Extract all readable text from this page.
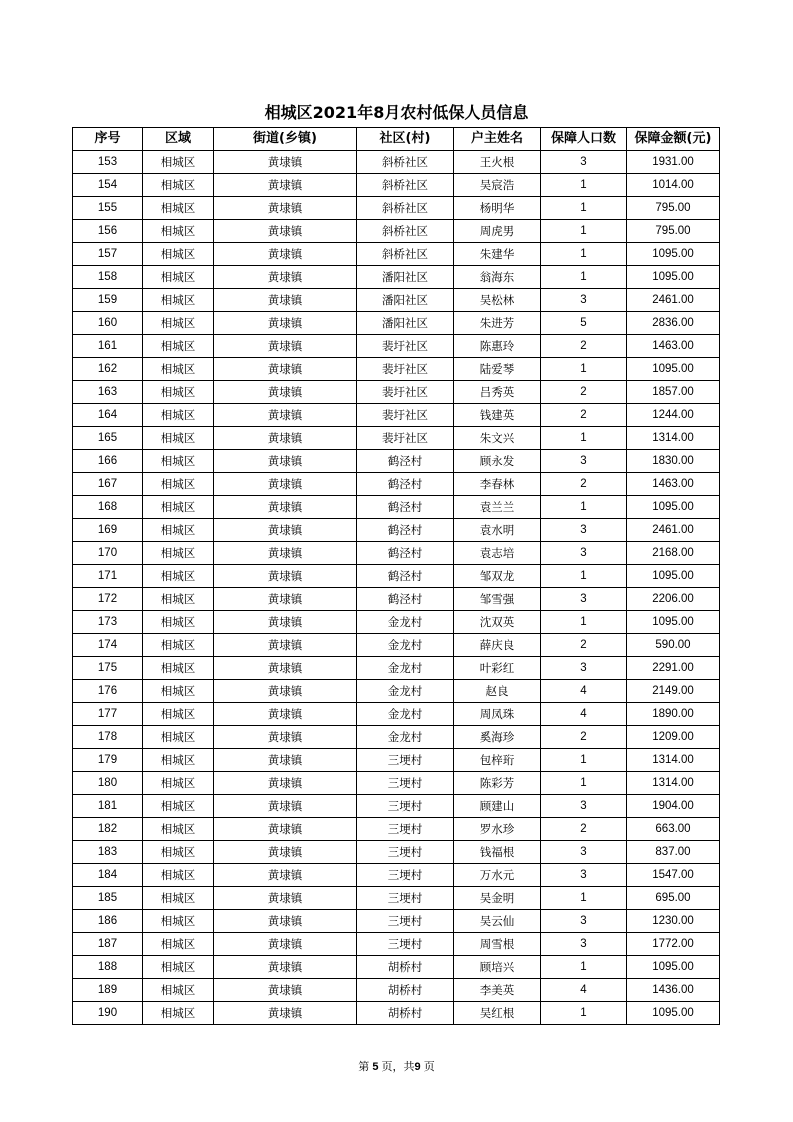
相城区2021年8月农村低保人员信息
序号	区域	街道(乡镇)	社区(村)	户主姓名	保障人口数	保障金额(元)
153	相城区	黄埭镇	斜桥社区	王火根	3	1931.00
154	相城区	黄埭镇	斜桥社区	吴宸浩	1	1014.00
155	相城区	黄埭镇	斜桥社区	杨明华	1	795.00
156	相城区	黄埭镇	斜桥社区	周虎男	1	795.00
157	相城区	黄埭镇	斜桥社区	朱建华	1	1095.00
158	相城区	黄埭镇	潘阳社区	翁海东	1	1095.00
159	相城区	黄埭镇	潘阳社区	吴松林	3	2461.00
160	相城区	黄埭镇	潘阳社区	朱进芳	5	2836.00
161	相城区	黄埭镇	裴圩社区	陈惠玲	2	1463.00
162	相城区	黄埭镇	裴圩社区	陆爱琴	1	1095.00
163	相城区	黄埭镇	裴圩社区	吕秀英	2	1857.00
164	相城区	黄埭镇	裴圩社区	钱建英	2	1244.00
165	相城区	黄埭镇	裴圩社区	朱文兴	1	1314.00
166	相城区	黄埭镇	鹤泾村	顾永发	3	1830.00
167	相城区	黄埭镇	鹤泾村	李春林	2	1463.00
168	相城区	黄埭镇	鹤泾村	袁兰兰	1	1095.00
169	相城区	黄埭镇	鹤泾村	袁水明	3	2461.00
170	相城区	黄埭镇	鹤泾村	袁志培	3	2168.00
171	相城区	黄埭镇	鹤泾村	邹双龙	1	1095.00
172	相城区	黄埭镇	鹤泾村	邹雪强	3	2206.00
173	相城区	黄埭镇	金龙村	沈双英	1	1095.00
174	相城区	黄埭镇	金龙村	薛庆良	2	590.00
175	相城区	黄埭镇	金龙村	叶彩红	3	2291.00
176	相城区	黄埭镇	金龙村	赵良	4	2149.00
177	相城区	黄埭镇	金龙村	周凤珠	4	1890.00
178	相城区	黄埭镇	金龙村	奚海珍	2	1209.00
179	相城区	黄埭镇	三埂村	包梓珩	1	1314.00
180	相城区	黄埭镇	三埂村	陈彩芳	1	1314.00
181	相城区	黄埭镇	三埂村	顾建山	3	1904.00
182	相城区	黄埭镇	三埂村	罗水珍	2	663.00
183	相城区	黄埭镇	三埂村	钱福根	3	837.00
184	相城区	黄埭镇	三埂村	万水元	3	1547.00
185	相城区	黄埭镇	三埂村	吴金明	1	695.00
186	相城区	黄埭镇	三埂村	吴云仙	3	1230.00
187	相城区	黄埭镇	三埂村	周雪根	3	1772.00
188	相城区	黄埭镇	胡桥村	顾培兴	1	1095.00
189	相城区	黄埭镇	胡桥村	李美英	4	1436.00
190	相城区	黄埭镇	胡桥村	吴红根	1	1095.00
第 5 页，共9 页
